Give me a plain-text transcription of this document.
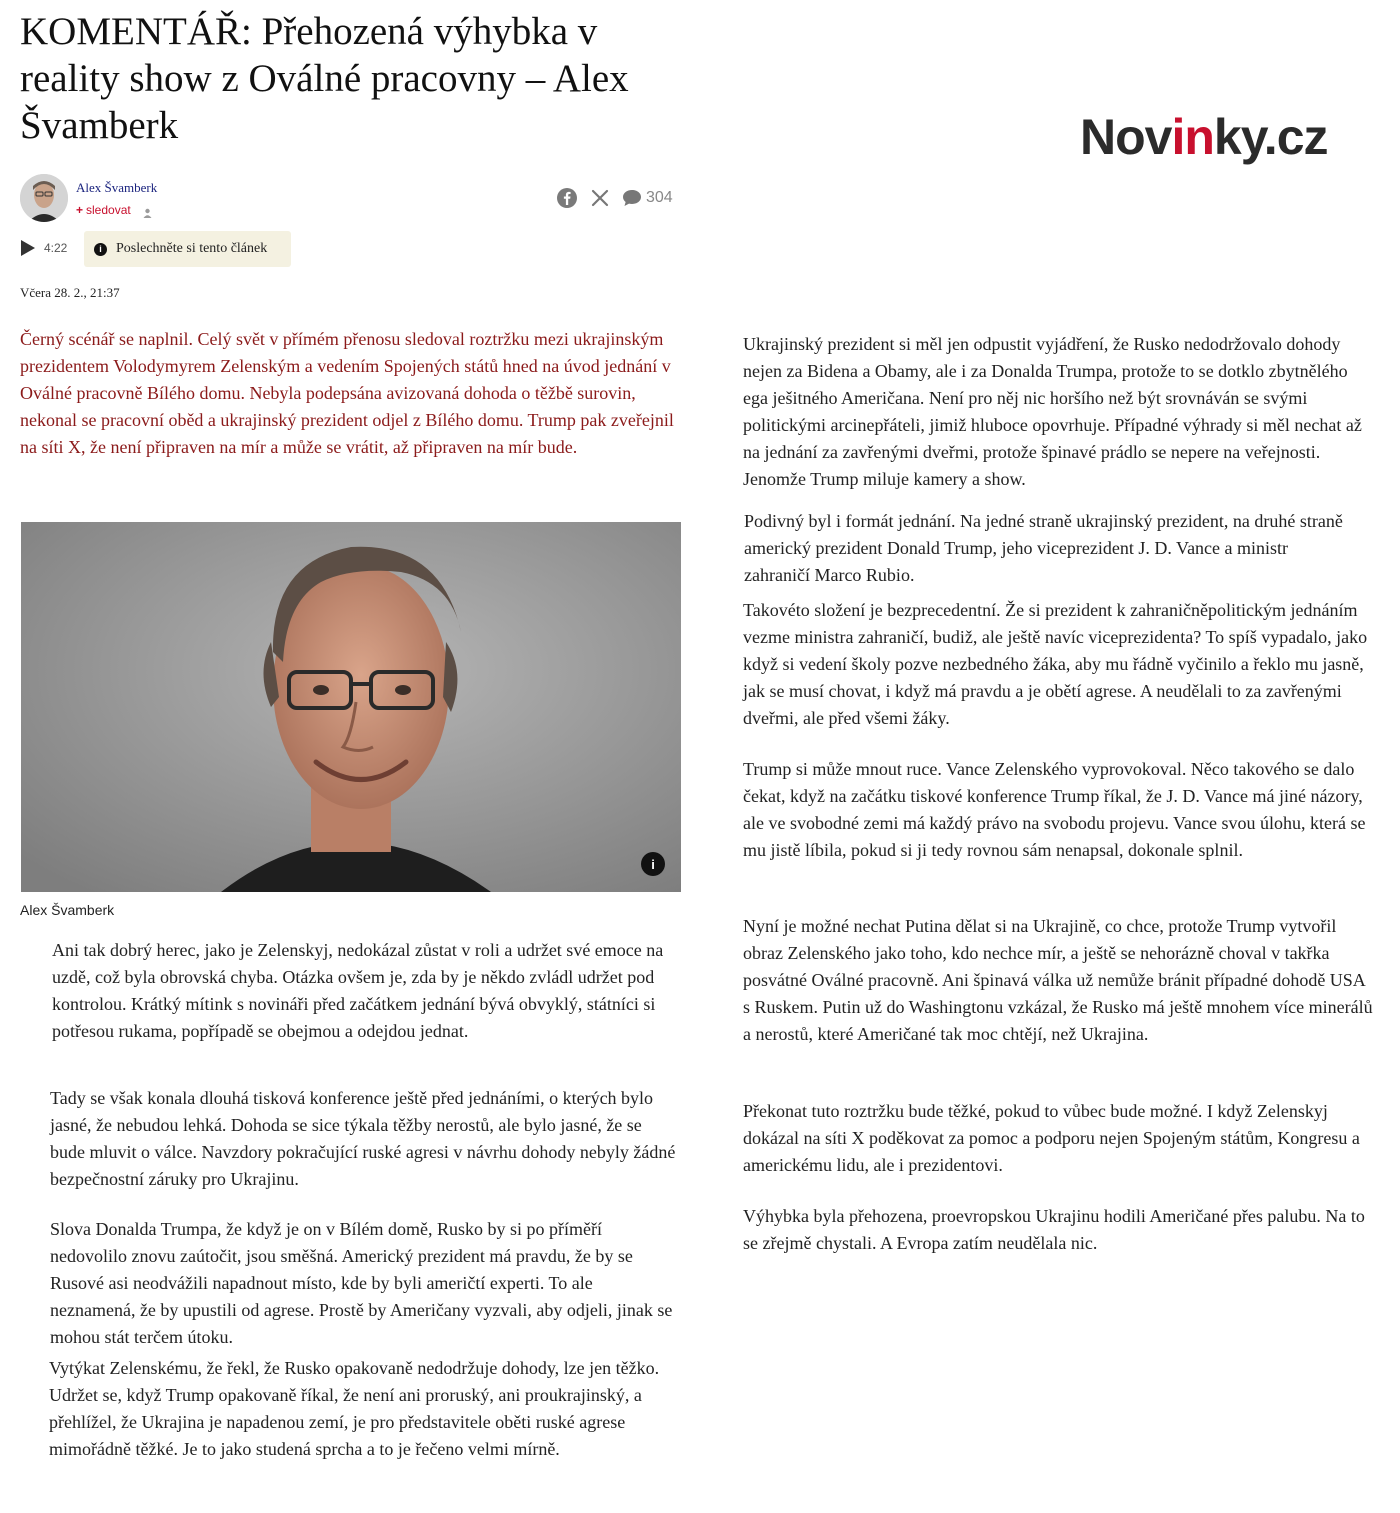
KOMENTÁŘ: Přehozená výhybka v reality show z Oválné pracovny – Alex Švamberk	Novinky.cz
Alex Švamberk
+ sledovat
304
4:22	i	Poslechněte si tento článek
Včera 28. 2., 21:37

Černý scénář se naplnil. Celý svět v přímém přenosu sledoval roztržku mezi ukrajinským prezidentem Volodymyrem Zelenským a vedením Spojených států hned na úvod jednání v Oválné pracovně Bílého domu. Nebyla podepsána avizovaná dohoda o těžbě surovin, nekonal se pracovní oběd a ukrajinský prezident odjel z Bílého domu. Trump pak zveřejnil na síti X, že není připraven na mír a může se vrátit, až připraven na mír bude.

i
Alex Švamberk

Ani tak dobrý herec, jako je Zelenskyj, nedokázal zůstat v roli a udržet své emoce na uzdě, což byla obrovská chyba. Otázka ovšem je, zda by je někdo zvládl udržet pod kontrolou. Krátký mítink s novináři před začátkem jednání bývá obvyklý, státníci si potřesou rukama, popřípadě se obejmou a odejdou jednat.

Tady se však konala dlouhá tisková konference ještě před jednáními, o kterých bylo jasné, že nebudou lehká. Dohoda se sice týkala těžby nerostů, ale bylo jasné, že se bude mluvit o válce. Navzdory pokračující ruské agresi v návrhu dohody nebyly žádné bezpečnostní záruky pro Ukrajinu.

Slova Donalda Trumpa, že když je on v Bílém domě, Rusko by si po příměří nedovolilo znovu zaútočit, jsou směšná. Americký prezident má pravdu, že by se Rusové asi neodvážili napadnout místo, kde by byli američtí experti. To ale neznamená, že by upustili od agrese. Prostě by Američany vyzvali, aby odjeli, jinak se mohou stát terčem útoku.

Vytýkat Zelenskému, že řekl, že Rusko opakovaně nedodržuje dohody, lze jen těžko. Udržet se, když Trump opakovaně říkal, že není ani proruský, ani proukrajinský, a přehlížel, že Ukrajina je napadenou zemí, je pro představitele oběti ruské agrese mimořádně těžké. Je to jako studená sprcha a to je řečeno velmi mírně.

Ukrajinský prezident si měl jen odpustit vyjádření, že Rusko nedodržovalo dohody nejen za Bidena a Obamy, ale i za Donalda Trumpa, protože to se dotklo zbytnělého ega ješitného Američana. Není pro něj nic horšího než být srovnáván se svými politickými arcinepřáteli, jimiž hluboce opovrhuje. Případné výhrady si měl nechat až na jednání za zavřenými dveřmi, protože špinavé prádlo se nepere na veřejnosti. Jenomže Trump miluje kamery a show.

Podivný byl i formát jednání. Na jedné straně ukrajinský prezident, na druhé straně americký prezident Donald Trump, jeho viceprezident J. D. Vance a ministr zahraničí Marco Rubio.

Takovéto složení je bezprecedentní. Že si prezident k zahraničněpolitickým jednáním vezme ministra zahraničí, budiž, ale ještě navíc viceprezidenta? To spíš vypadalo, jako když si vedení školy pozve nezbedného žáka, aby mu řádně vyčinilo a řeklo mu jasně, jak se musí chovat, i když má pravdu a je obětí agrese. A neudělali to za zavřenými dveřmi, ale před všemi žáky.

Trump si může mnout ruce. Vance Zelenského vyprovokoval. Něco takového se dalo čekat, když na začátku tiskové konference Trump říkal, že J. D. Vance má jiné názory, ale ve svobodné zemi má každý právo na svobodu projevu. Vance svou úlohu, která se mu jistě líbila, pokud si ji tedy rovnou sám nenapsal, dokonale splnil.

Nyní je možné nechat Putina dělat si na Ukrajině, co chce, protože Trump vytvořil obraz Zelenského jako toho, kdo nechce mír, a ještě se nehorázně choval v takřka posvátné Oválné pracovně. Ani špinavá válka už nemůže bránit případné dohodě USA s Ruskem. Putin už do Washingtonu vzkázal, že Rusko má ještě mnohem více minerálů a nerostů, které Američané tak moc chtějí, než Ukrajina.

Překonat tuto roztržku bude těžké, pokud to vůbec bude možné. I když Zelenskyj dokázal na síti X poděkovat za pomoc a podporu nejen Spojeným státům, Kongresu a americkému lidu, ale i prezidentovi.

Výhybka byla přehozena, proevropskou Ukrajinu hodili Američané přes palubu. Na to se zřejmě chystali. A Evropa zatím neudělala nic.
